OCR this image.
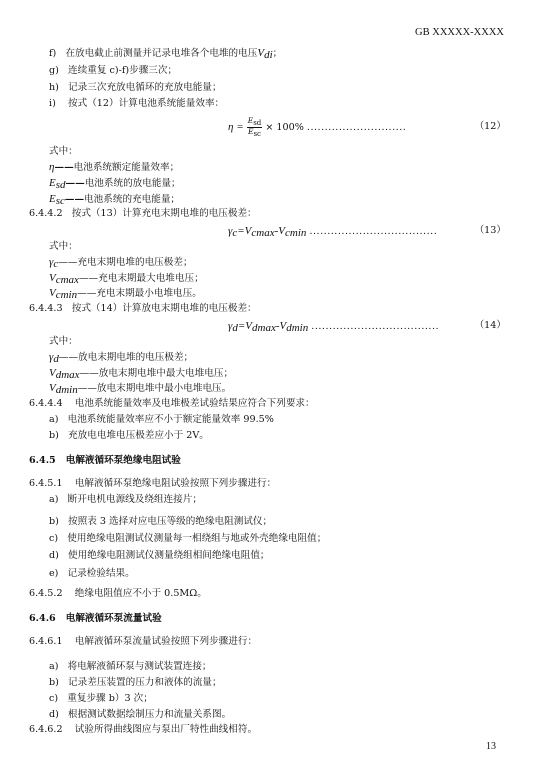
GB XXXXX-XXXX
f) 在放电截止前测量并记录电堆各个电堆的电压$V_{di}$；
g) 连续重复 c)-f)步骤三次；
h) 记录三次充放电循环的充放电能量；
i) 按式（12）计算电池系统能量效率：
$\eta = \frac{E_{sd}}{E_{sc}} \times 100\%$ ............................	（12）
式中：
η——电池系统额定能量效率；
$E_{sd}——$电池系统的放电能量；
$E_{sc}——$电池系统的充电能量；
6.4.4.2 按式（13）计算充电末期电堆的电压极差：
$\gamma_c=V_{cmax}-V_{cmin}$ ....................................	（13）
式中：
$\gamma_c——$充电末期电堆的电压极差；
$V_{cmax}——$充电末期最大电堆电压；
$V_{cmin}——$充电末期最小电堆电压。
6.4.4.3 按式（14）计算放电末期电堆的电压极差：
$\gamma_d=V_{dmax}-V_{dmin}$ ....................................	（14）
式中：
$\gamma_d——$放电末期电堆的电压极差；
$V_{dmax}——$放电末期电堆中最大电堆电压；
$V_{dmin}——$放电末期电堆中最小电堆电压。
6.4.4.4 电池系统能量效率及电堆极差试验结果应符合下列要求：
a) 电池系统能量效率应不小于额定能量效率 99.5%
b) 充放电电堆电压极差应小于 2V。
6.4.5 电解液循环泵绝缘电阻试验
6.4.5.1 电解液循环泵绝缘电阻试验按照下列步骤进行：
a) 断开电机电源线及绕组连接片；
b) 按照表 3 选择对应电压等级的绝缘电阻测试仪；
c) 使用绝缘电阻测试仪测量每一相绕组与地或外壳绝缘电阻值；
d) 使用绝缘电阻测试仪测量绕组相间绝缘电阻值；
e) 记录检验结果。
6.4.5.2 绝缘电阻值应不小于 0.5MΩ。
6.4.6 电解液循环泵流量试验
6.4.6.1 电解液循环泵流量试验按照下列步骤进行：
a) 将电解液循环泵与测试装置连接；
b) 记录差压装置的压力和液体的流量；
c) 重复步骤 b）3 次；
d) 根据测试数据绘制压力和流量关系图。
6.4.6.2 试验所得曲线图应与泵出厂特性曲线相符。
13
